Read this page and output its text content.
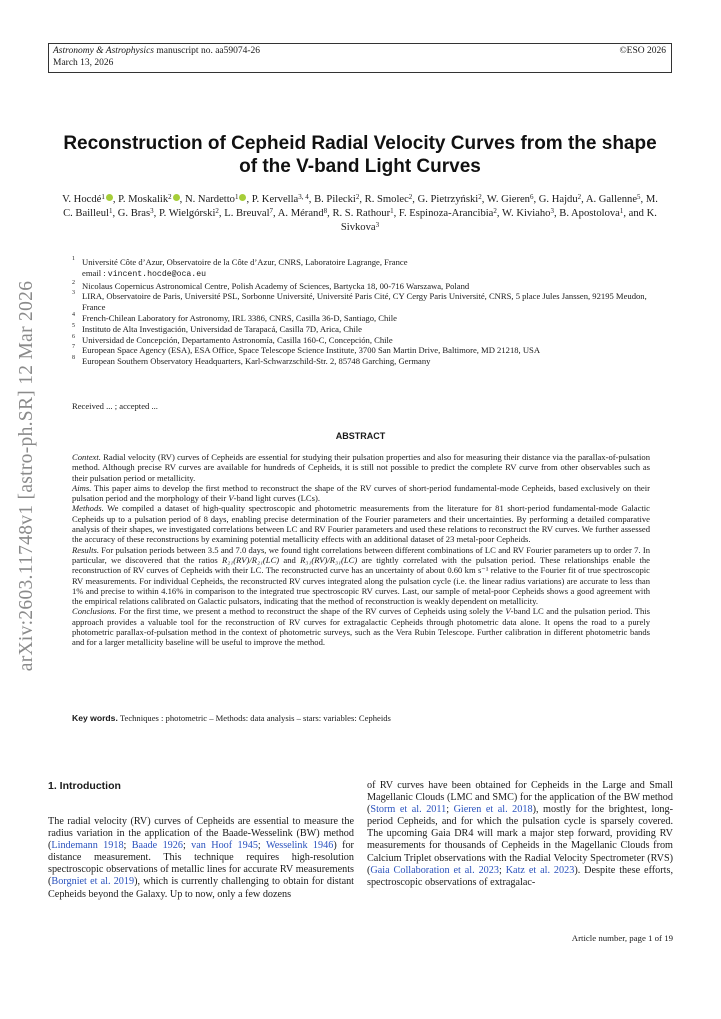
Astronomy & Astrophysics manuscript no. aa59074-26
March 13, 2026
©ESO 2026
arXiv:2603.11748v1 [astro-ph.SR] 12 Mar 2026
Reconstruction of Cepheid Radial Velocity Curves from the shape
of the V-band Light Curves
V. Hocdé$^1$ , P. Moskalik$^2$ , N. Nardetto$^1$ , P. Kervella$^{3, 4}$, B. Pilecki$^2$, R. Smolec$^2$, G. Pietrzyński$^2$, W. Gieren$^6$, G. Hajdu$^2$, A. Gallenne$^5$, M. C. Bailleul$^1$, G. Bras$^3$, P. Wielgórski$^2$, L. Breuval$^7$, A. Mérand$^8$, R. S. Rathour$^1$, F. Espinoza-Arancibia$^2$, W. Kiviaho$^3$, B. Apostolova$^1$, and K. Sivkova$^3$
1 Université Côte d’Azur, Observatoire de la Côte d’Azur, CNRS, Laboratoire Lagrange, France
email : vincent.hocde@oca.eu
2 Nicolaus Copernicus Astronomical Centre, Polish Academy of Sciences, Bartycka 18, 00-716 Warszawa, Poland
3 LIRA, Observatoire de Paris, Université PSL, Sorbonne Université, Université Paris Cité, CY Cergy Paris Université, CNRS, 5 place Jules Janssen, 92195 Meudon, France
4 French-Chilean Laboratory for Astronomy, IRL 3386, CNRS, Casilla 36-D, Santiago, Chile
5 Instituto de Alta Investigación, Universidad de Tarapacá, Casilla 7D, Arica, Chile
6 Universidad de Concepción, Departamento Astronomía, Casilla 160-C, Concepción, Chile
7 European Space Agency (ESA), ESA Office, Space Telescope Science Institute, 3700 San Martin Drive, Baltimore, MD 21218, USA
8 European Southern Observatory Headquarters, Karl-Schwarzschild-Str. 2, 85748 Garching, Germany
Received ... ; accepted ...
ABSTRACT

Context. Radial velocity (RV) curves of Cepheids are essential for studying their pulsation properties and also for measuring their distance via the parallax-of-pulsation method. Although precise RV curves are available for hundreds of Cepheids, it is still not possible to predict the complete RV curve from other observables such as their pulsation period or metallicity.

Aims. This paper aims to develop the first method to reconstruct the shape of the RV curves of short-period fundamental-mode Cepheids, based exclusively on their pulsation period and the morphology of their V-band light curves (LCs).

Methods. We compiled a dataset of high-quality spectroscopic and photometric measurements from the literature for 81 short-period fundamental-mode Galactic Cepheids up to a pulsation period of 8 days, enabling precise determination of the Fourier parameters and their uncertainties. By performing a detailed comparative analysis of their shapes, we investigated correlations between LC and RV Fourier parameters and used these relations to reconstruct the RV curves. We further assessed the accuracy of these reconstructions by examining potential metallicity effects with an additional dataset of 23 metal-poor Cepheids.

Results. For pulsation periods between 3.5 and 7.0 days, we found tight correlations between different combinations of LC and RV Fourier parameters up to order 7. In particular, we discovered that the ratios R₂₁(RV)/R₂₁(LC) and R₃₁(RV)/R₃₁(LC) are tightly correlated with the pulsation period. These relationships enable the reconstruction of RV curves of Cepheids with their LC. The reconstructed curve has an uncertainty of about 0.60 km s⁻¹ relative to the Fourier fit of true spectroscopic RV measurements. For individual Cepheids, the reconstructed RV curves integrated along the pulsation cycle (i.e. the linear radius variations) are accurate to less than 1% and precise to within 4.16% in comparison to the integrated true spectroscopic RV curves. Last, our sample of metal-poor Cepheids shows a good agreement with the empirical relations calibrated on Galactic pulsators, indicating that the method of reconstruction is weakly dependent on metallicity.

Conclusions. For the first time, we present a method to reconstruct the shape of the RV curves of Cepheids using solely the V-band LC and the pulsation period. This approach provides a valuable tool for the reconstruction of RV curves for extragalactic Cepheids through photometric data alone. It opens the road to a purely photometric parallax-of-pulsation method in the context of photometric surveys, such as the Vera Rubin Telescope. Further calibration in different photometric bands and for a larger metallicity baseline will be useful to improve the method.

Key words. Techniques : photometric – Methods: data analysis – stars: variables: Cepheids
1. Introduction
The radial velocity (RV) curves of Cepheids are essential to measure the radius variation in the application of the Baade-Wesselink (BW) method (Lindemann 1918; Baade 1926; van Hoof 1945; Wesselink 1946) for distance measurement. This technique requires high-resolution spectroscopic observations of metallic lines for accurate RV measurements (Borgniet et al. 2019), which is currently challenging to obtain for distant Cepheids beyond the Galaxy. Up to now, only a few dozens
of RV curves have been obtained for Cepheids in the Large and Small Magellanic Clouds (LMC and SMC) for the application of the BW method (Storm et al. 2011; Gieren et al. 2018), mostly for the brightest, long-period Cepheids, and for which the pulsation cycle is sparsely covered. The upcoming Gaia DR4 will mark a major step forward, providing RV measurements for thousands of Cepheids in the Magellanic Clouds from Calcium Triplet observations with the Radial Velocity Spectrometer (RVS) (Gaia Collaboration et al. 2023; Katz et al. 2023). Despite these efforts, spectroscopic observations of extragalac-
Article number, page 1 of 19
